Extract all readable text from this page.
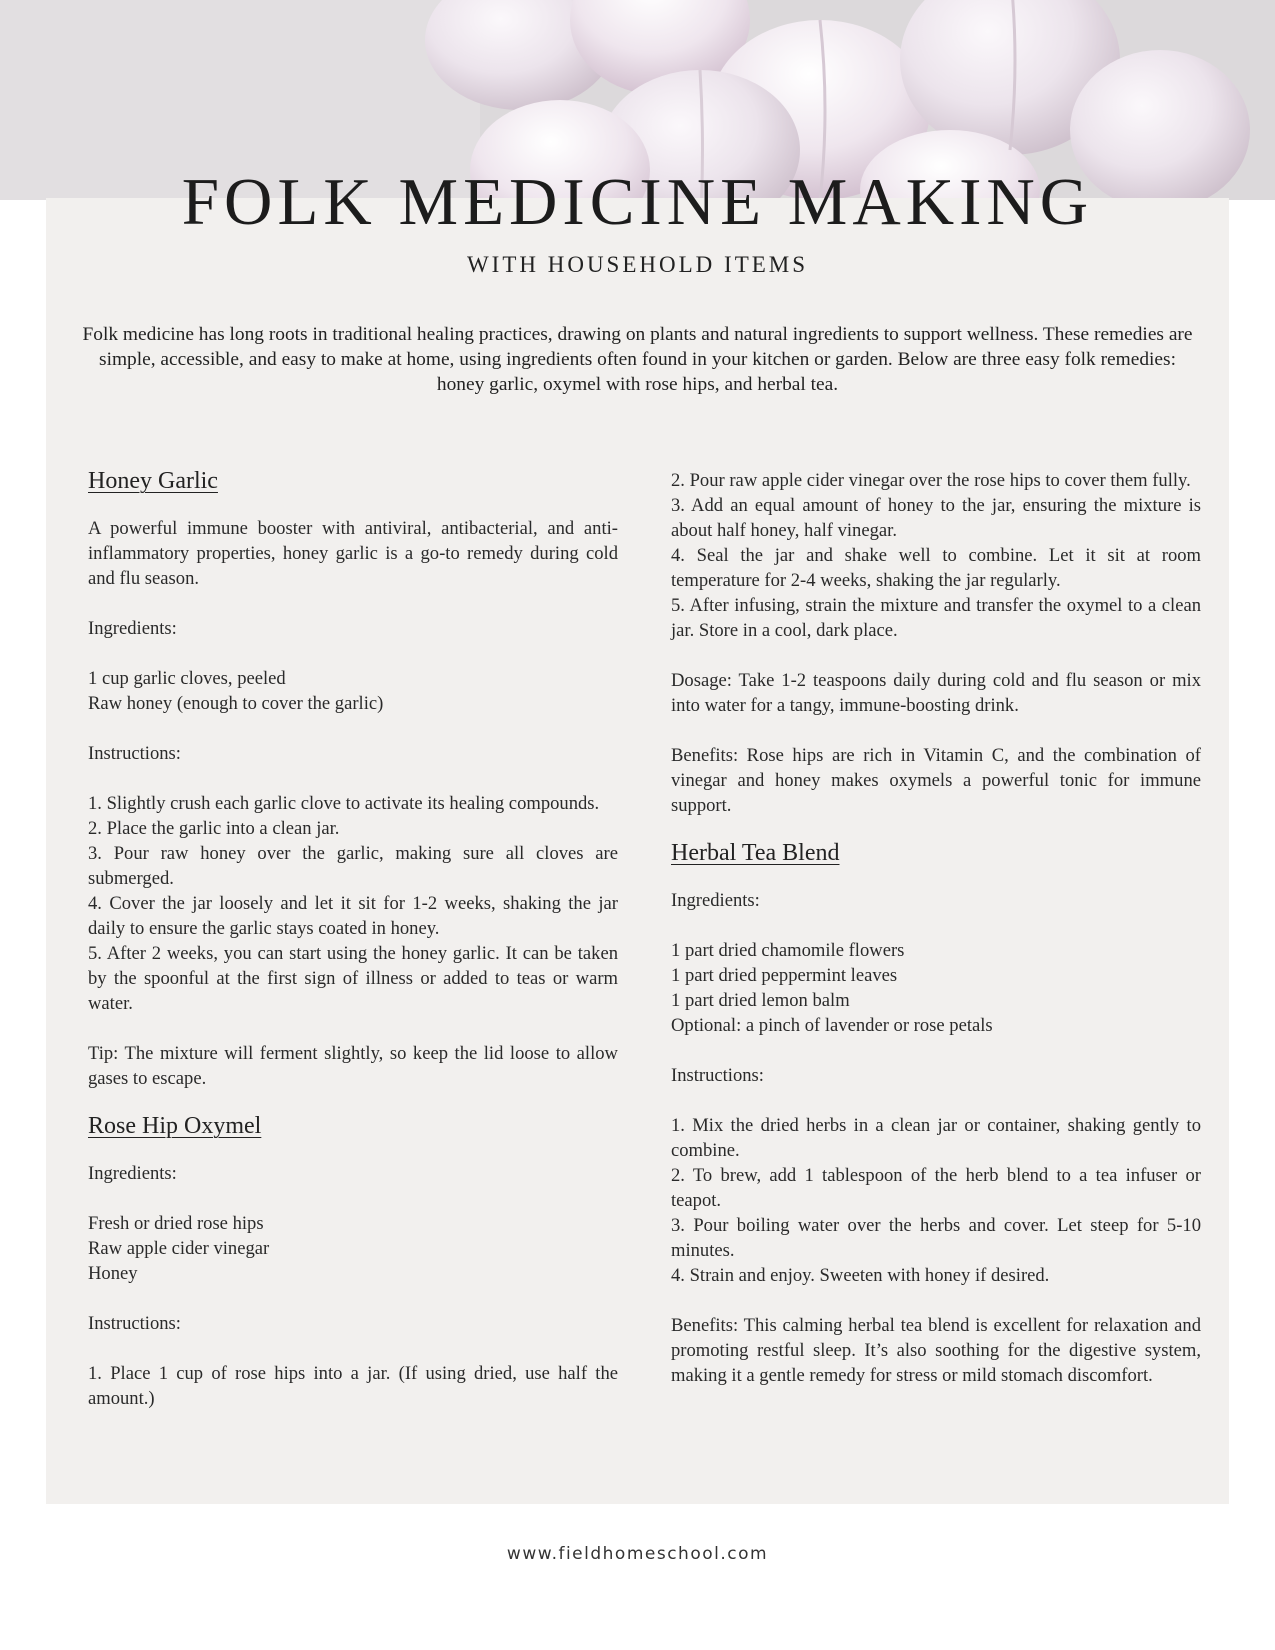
FOLK MEDICINE MAKING
WITH HOUSEHOLD ITEMS
Folk medicine has long roots in traditional healing practices, drawing on plants and natural ingredients to support wellness. These remedies are simple, accessible, and easy to make at home, using ingredients often found in your kitchen or garden. Below are three easy folk remedies: honey garlic, oxymel with rose hips, and herbal tea.

Honey Garlic

A powerful immune booster with antiviral, antibacterial, and anti-inflammatory properties, honey garlic is a go-to remedy during cold and flu season.

Ingredients:

1 cup garlic cloves, peeled

Raw honey (enough to cover the garlic)

Instructions:

1. Slightly crush each garlic clove to activate its healing compounds.

2. Place the garlic into a clean jar.

3. Pour raw honey over the garlic, making sure all cloves are submerged.

4. Cover the jar loosely and let it sit for 1-2 weeks, shaking the jar daily to ensure the garlic stays coated in honey.

5. After 2 weeks, you can start using the honey garlic. It can be taken by the spoonful at the first sign of illness or added to teas or warm water.

Tip: The mixture will ferment slightly, so keep the lid loose to allow gases to escape.

Rose Hip Oxymel

Ingredients:

Fresh or dried rose hips

Raw apple cider vinegar

Honey

Instructions:

1. Place 1 cup of rose hips into a jar. (If using dried, use half the amount.)

2. Pour raw apple cider vinegar over the rose hips to cover them fully.

3. Add an equal amount of honey to the jar, ensuring the mixture is about half honey, half vinegar.

4. Seal the jar and shake well to combine. Let it sit at room temperature for 2-4 weeks, shaking the jar regularly.

5. After infusing, strain the mixture and transfer the oxymel to a clean jar. Store in a cool, dark place.

Dosage: Take 1-2 teaspoons daily during cold and flu season or mix into water for a tangy, immune-boosting drink.

Benefits: Rose hips are rich in Vitamin C, and the combination of vinegar and honey makes oxymels a powerful tonic for immune support.

Herbal Tea Blend

Ingredients:

1 part dried chamomile flowers

1 part dried peppermint leaves

1 part dried lemon balm

Optional: a pinch of lavender or rose petals

Instructions:

1. Mix the dried herbs in a clean jar or container, shaking gently to combine.

2. To brew, add 1 tablespoon of the herb blend to a tea infuser or teapot.

3. Pour boiling water over the herbs and cover. Let steep for 5-10 minutes.

4. Strain and enjoy. Sweeten with honey if desired.

Benefits: This calming herbal tea blend is excellent for relaxation and promoting restful sleep. It’s also soothing for the digestive system, making it a gentle remedy for stress or mild stomach discomfort.

www.fieldhomeschool.com
